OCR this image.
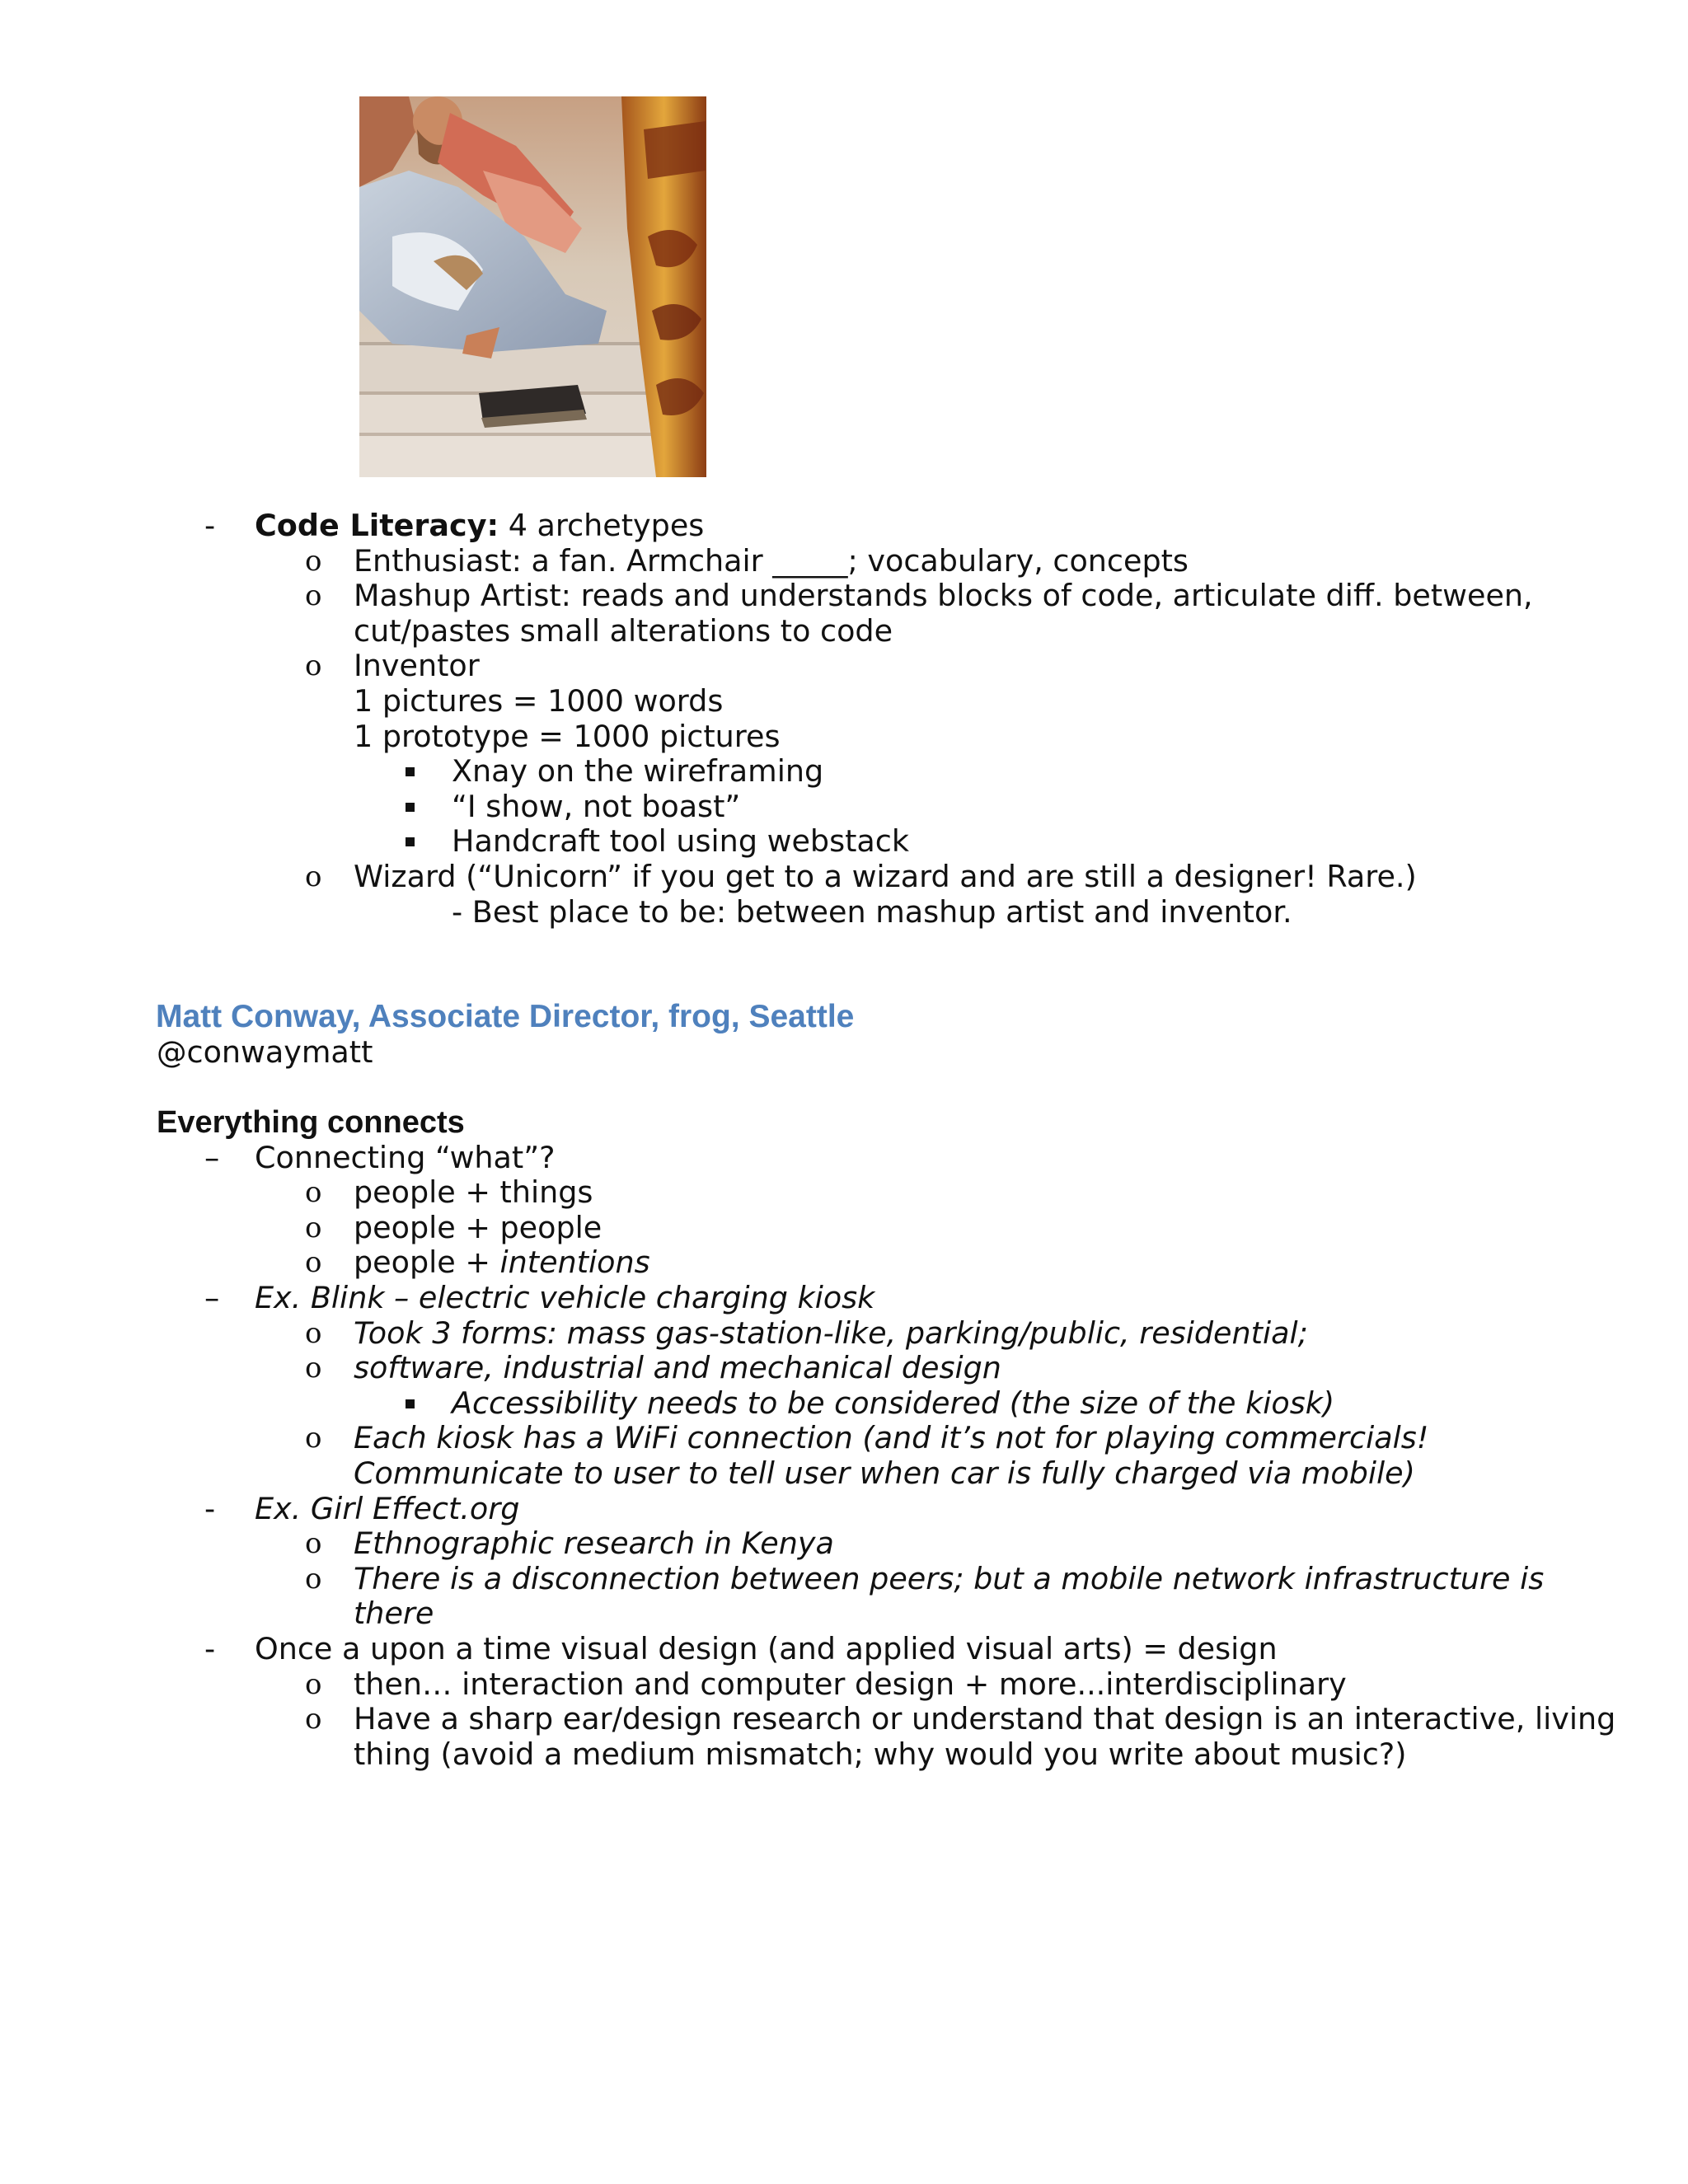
- Code Literacy: 4 archetypes
o Enthusiast: a fan. Armchair _____; vocabulary, concepts
o Mashup Artist: reads and understands blocks of code, articulate diff. between,
cut/pastes small alterations to code
o Inventor
1 pictures = 1000 words
1 prototype = 1000 pictures
Xnay on the wireframing
“I show, not boast”
Handcraft tool using webstack
o Wizard (“Unicorn” if you get to a wizard and are still a designer! Rare.)
- Best place to be: between mashup artist and inventor.
Matt Conway, Associate Director, frog, Seattle
@conwaymatt
Everything connects
– Connecting “what”?
o people + things
o people + people
o people + intentions
– Ex. Blink – electric vehicle charging kiosk
o Took 3 forms: mass gas-station-like, parking/public, residential;
o software, industrial and mechanical design
Accessibility needs to be considered (the size of the kiosk)
o Each kiosk has a WiFi connection (and it’s not for playing commercials!
Communicate to user to tell user when car is fully charged via mobile)
- Ex. Girl Effect.org
o Ethnographic research in Kenya
o There is a disconnection between peers; but a mobile network infrastructure is
there
- Once a upon a time visual design (and applied visual arts) = design
o then… interaction and computer design + more...interdisciplinary
o Have a sharp ear/design research or understand that design is an interactive, living
thing (avoid a medium mismatch; why would you write about music?)
